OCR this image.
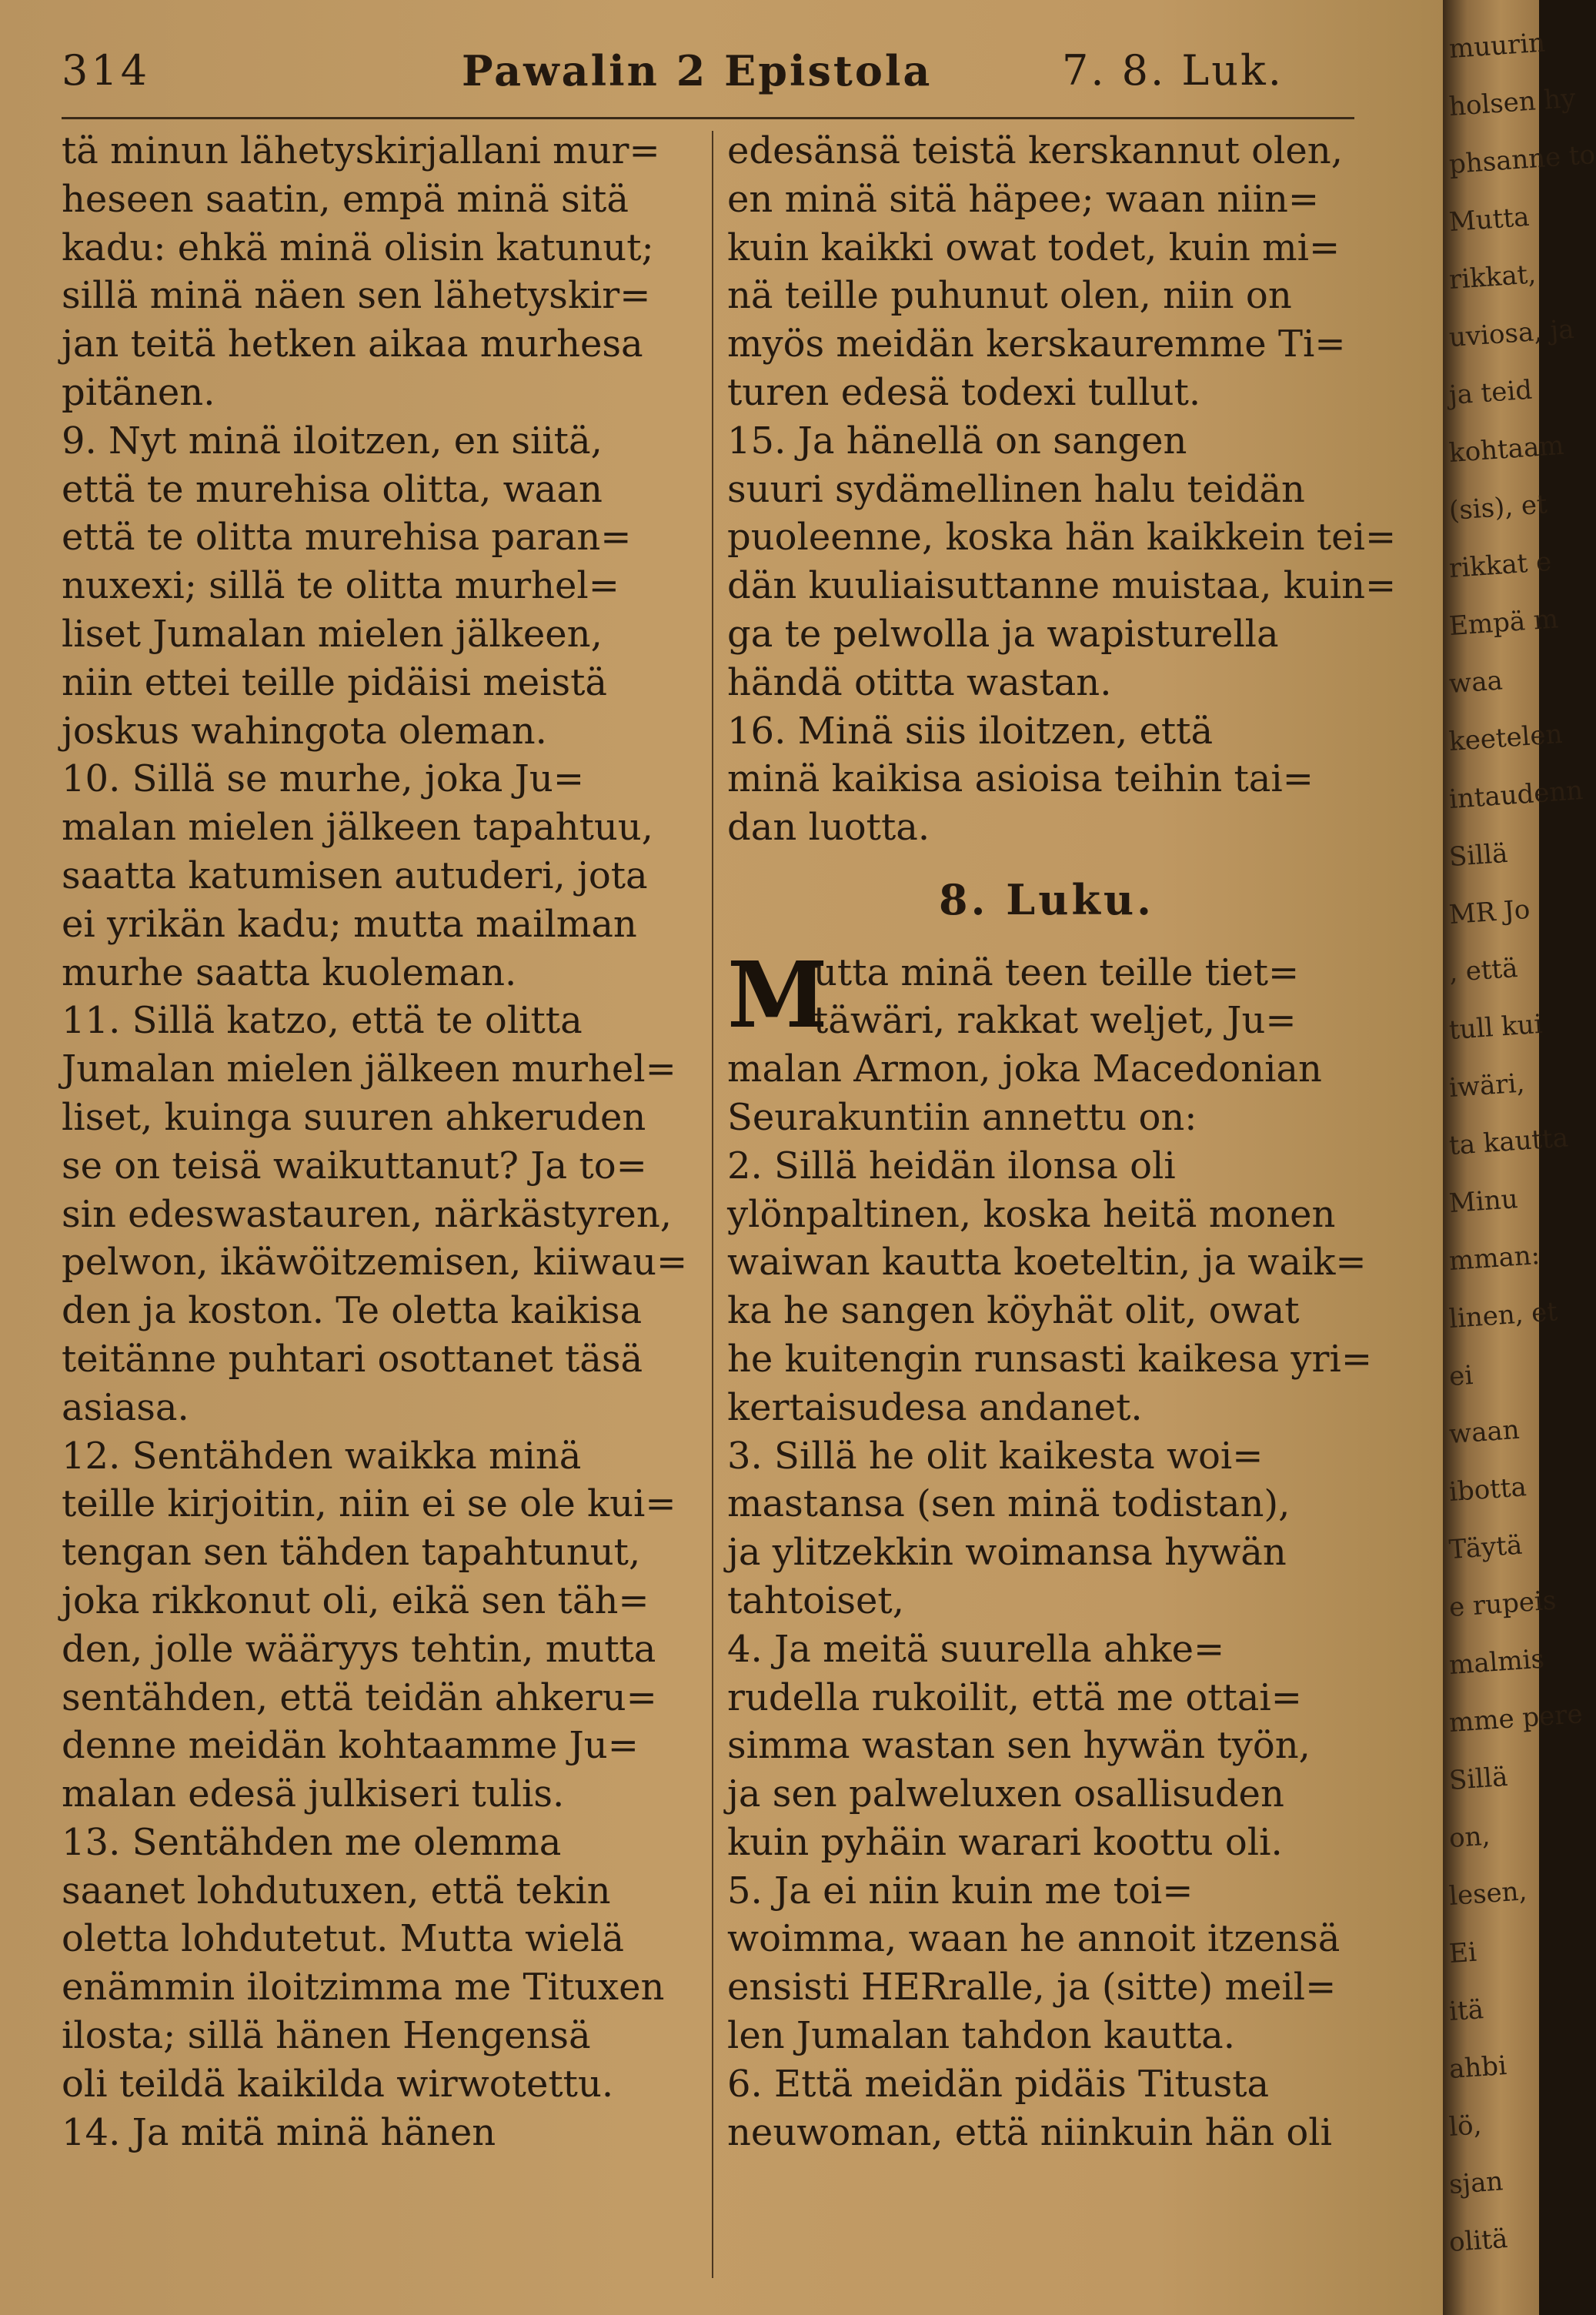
314	Pawalin 2 Epistola	7. 8. Luk.
tä minun lähetyskirjallani mur=
heseen saatin, empä minä sitä
kadu: ehkä minä olisin katunut;
sillä minä näen sen lähetyskir=
jan teitä hetken aikaa murhesa
pitänen.
9. Nyt minä iloitzen, en siitä,
että te murehisa olitta, waan
että te olitta murehisa paran=
nuxexi; sillä te olitta murhel=
liset Jumalan mielen jälkeen,
niin ettei teille pidäisi meistä
joskus wahingota oleman.
10. Sillä se murhe, joka Ju=
malan mielen jälkeen tapahtuu,
saatta katumisen autuderi, jota
ei yrikän kadu; mutta mailman
murhe saatta kuoleman.
11. Sillä katzo, että te olitta
Jumalan mielen jälkeen murhel=
liset, kuinga suuren ahkeruden
se on teisä waikuttanut? Ja to=
sin edeswastauren, närkästyren,
pelwon, ikäwöitzemisen, kiiwau=
den ja koston. Te oletta kaikisa
teitänne puhtari osottanet täsä
asiasa.
12. Sentähden waikka minä
teille kirjoitin, niin ei se ole kui=
tengan sen tähden tapahtunut,
joka rikkonut oli, eikä sen täh=
den, jolle wääryys tehtin, mutta
sentähden, että teidän ahkeru=
denne meidän kohtaamme Ju=
malan edesä julkiseri tulis.
13. Sentähden me olemma
saanet lohdutuxen, että tekin
oletta lohdutetut. Mutta wielä
enämmin iloitzimma me Tituxen
ilosta; sillä hänen Hengensä
oli teildä kaikilda wirwotettu.
14. Ja mitä minä hänen
edesänsä teistä kerskannut olen,
en minä sitä häpee; waan niin=
kuin kaikki owat todet, kuin mi=
nä teille puhunut olen, niin on
myös meidän kerskauremme Ti=
turen edesä todexi tullut.
15. Ja hänellä on sangen
suuri sydämellinen halu teidän
puoleenne, koska hän kaikkein tei=
dän kuuliaisuttanne muistaa, kuin=
ga te pelwolla ja wapisturella
händä otitta wastan.
16. Minä siis iloitzen, että
minä kaikisa asioisa teihin tai=
dan luotta.
8. Luku.
M
utta minä teen teille tiet=
täwäri, rakkat weljet, Ju=
malan Armon, joka Macedonian
Seurakuntiin annettu on:
2. Sillä heidän ilonsa oli
ylönpaltinen, koska heitä monen
waiwan kautta koeteltin, ja waik=
ka he sangen köyhät olit, owat
he kuitengin runsasti kaikesa yri=
kertaisudesa andanet.
3. Sillä he olit kaikesta woi=
mastansa (sen minä todistan),
ja ylitzekkin woimansa hywän
tahtoiset,
4. Ja meitä suurella ahke=
rudella rukoilit, että me ottai=
simma wastan sen hywän työn,
ja sen palweluxen osallisuden
kuin pyhäin warari koottu oli.
5. Ja ei niin kuin me toi=
woimma, waan he annoit itzensä
ensisti HERralle, ja (sitte) meil=
len Jumalan tahdon kautta.
6. Että meidän pidäis Titusta
neuwoman, että niinkuin hän oli
muurin
holsen hy
phsanne to
Mutta
rikkat,
uviosa, ja
ja teid
kohtaam
(sis), et
rikkat e
Empä m
waa
keetelen
intaudenn
Sillä
MR Jo
, että
tull kui
iwäri,
ta kautta
Minu
mman:
linen, et
ei
waan
ibotta
Täytä
e rupeis
malmis
mme pere
Sillä
on,
lesen,
Ei
itä
ahbi
lö,
sjan
olitä
